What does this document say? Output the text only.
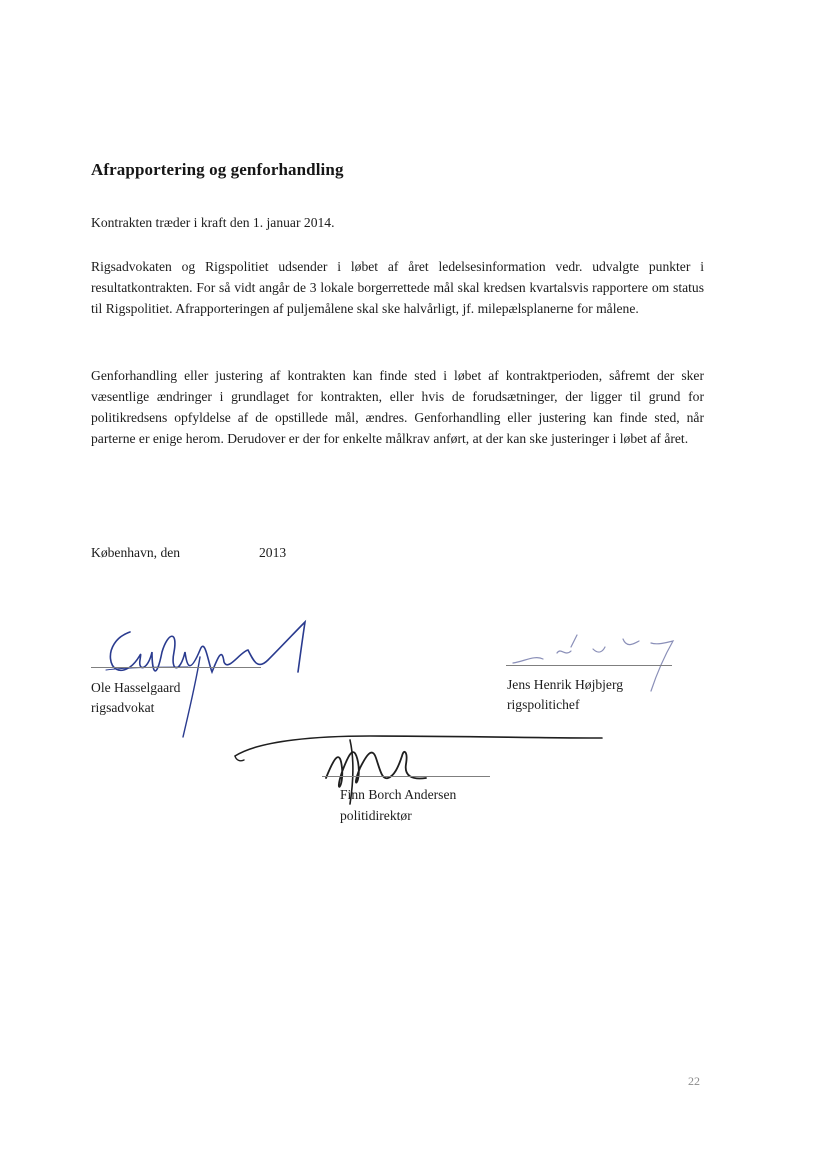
Afrapportering og genforhandling
Kontrakten træder i kraft den 1. januar 2014.
Rigsadvokaten og Rigspolitiet udsender i løbet af året ledelsesinformation vedr. udvalgte punkter i resultatkontrakten. For så vidt angår de 3 lokale borgerrettede mål skal kredsen kvartalsvis rapportere om status til Rigspolitiet. Afrapporteringen af puljemålene skal ske halvårligt, jf. milepælsplanerne for målene.
Genforhandling eller justering af kontrakten kan finde sted i løbet af kontraktperioden, såfremt der sker væsentlige ændringer i grundlaget for kontrakten, eller hvis de forudsætninger, der ligger til grund for politikredsens opfyldelse af de opstillede mål, ændres. Genforhandling eller justering kan finde sted, når parterne er enige herom. Derudover er der for enkelte målkrav anført, at der kan ske justeringer i løbet af året.
København, den	2013
Ole Hasselgaard
rigsadvokat
Jens Henrik Højbjerg
rigspolitichef
Finn Borch Andersen
politidirektør
22
